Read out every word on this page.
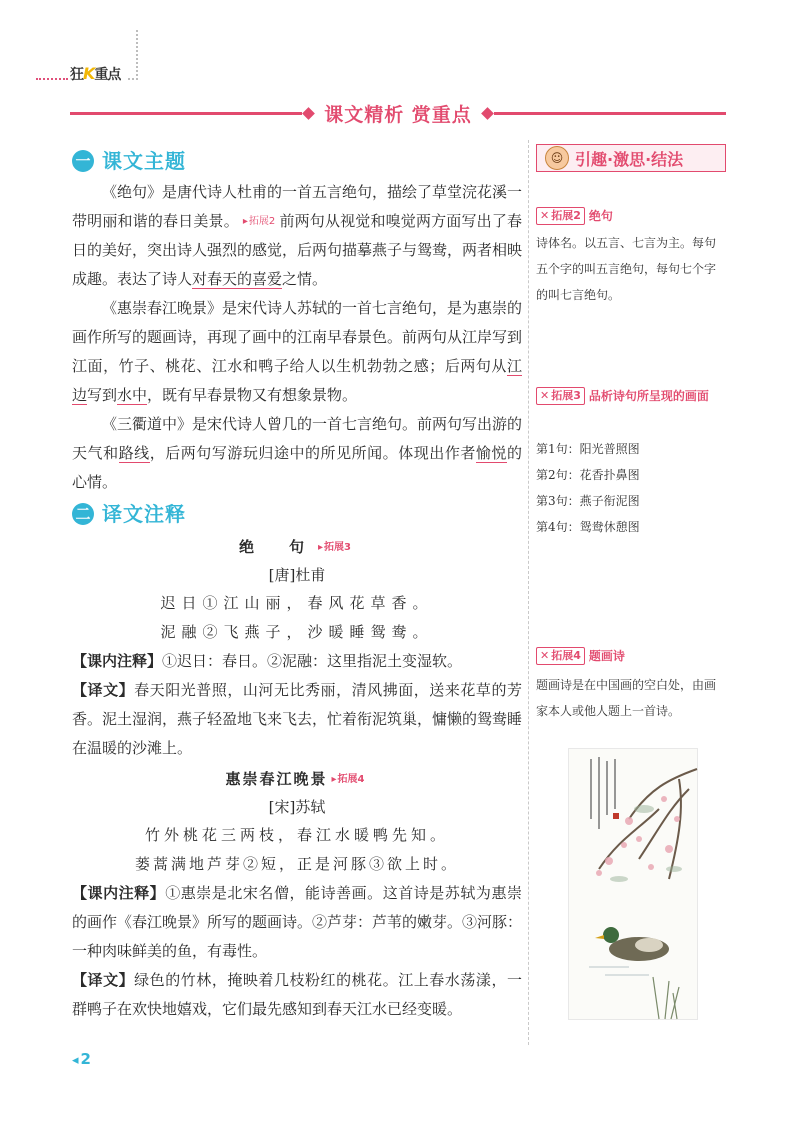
狂K重点
课文精析 赏重点
一 课文主题

《绝句》是唐代诗人杜甫的一首五言绝句，描绘了草堂浣花溪一带明丽和谐的春日美景。 ▸ 拓展2 前两句从视觉和嗅觉两方面写出了春日的美好，突出诗人强烈的感觉，后两句描摹燕子与鸳鸯，两者相映成趣。表达了诗人对春天的喜爱之情。

《惠崇春江晚景》是宋代诗人苏轼的一首七言绝句，是为惠崇的画作所写的题画诗，再现了画中的江南早春景色。前两句从江岸写到江面，竹子、桃花、江水和鸭子给人以生机勃勃之感；后两句从江边写到水中，既有早春景物又有想象景物。

《三衢道中》是宋代诗人曾几的一首七言绝句。前两句写出游的天气和路线，后两句写游玩归途中的所见所闻。体现出作者愉悦的心情。

二 译文注释
绝　句 ▸ 拓展3
[唐]杜甫
迟日①江山丽，春风花草香。
泥融②飞燕子，沙暖睡鸳鸯。

【课内注释】①迟日：春日。②泥融：这里指泥土变湿软。

【译文】春天阳光普照，山河无比秀丽，清风拂面，送来花草的芳香。泥土湿润，燕子轻盈地飞来飞去，忙着衔泥筑巢，慵懒的鸳鸯睡在温暖的沙滩上。

惠崇春江晚景 ▸ 拓展4
[宋]苏轼
竹外桃花三两枝，春江水暖鸭先知。
蒌蒿满地芦芽②短，正是河豚③欲上时。

【课内注释】①惠崇是北宋名僧，能诗善画。这首诗是苏轼为惠崇的画作《春江晚景》所写的题画诗。②芦芽：芦苇的嫩芽。③河豚：一种肉味鲜美的鱼，有毒性。

【译文】绿色的竹林，掩映着几枝粉红的桃花。江上春水荡漾，一群鸭子在欢快地嬉戏，它们最先感知到春天江水已经变暖。

◂ 2
☺ 引趣·激思·结法
✕ 拓展2 绝句
诗体名。以五言、七言为主。每句五个字的叫五言绝句，每句七个字的叫七言绝句。
✕ 拓展3 品析诗句所呈现的画面
第1句：阳光普照图
第2句：花香扑鼻图
第3句：燕子衔泥图
第4句：鸳鸯休憩图
✕ 拓展4 题画诗
题画诗是在中国画的空白处，由画家本人或他人题上一首诗。
